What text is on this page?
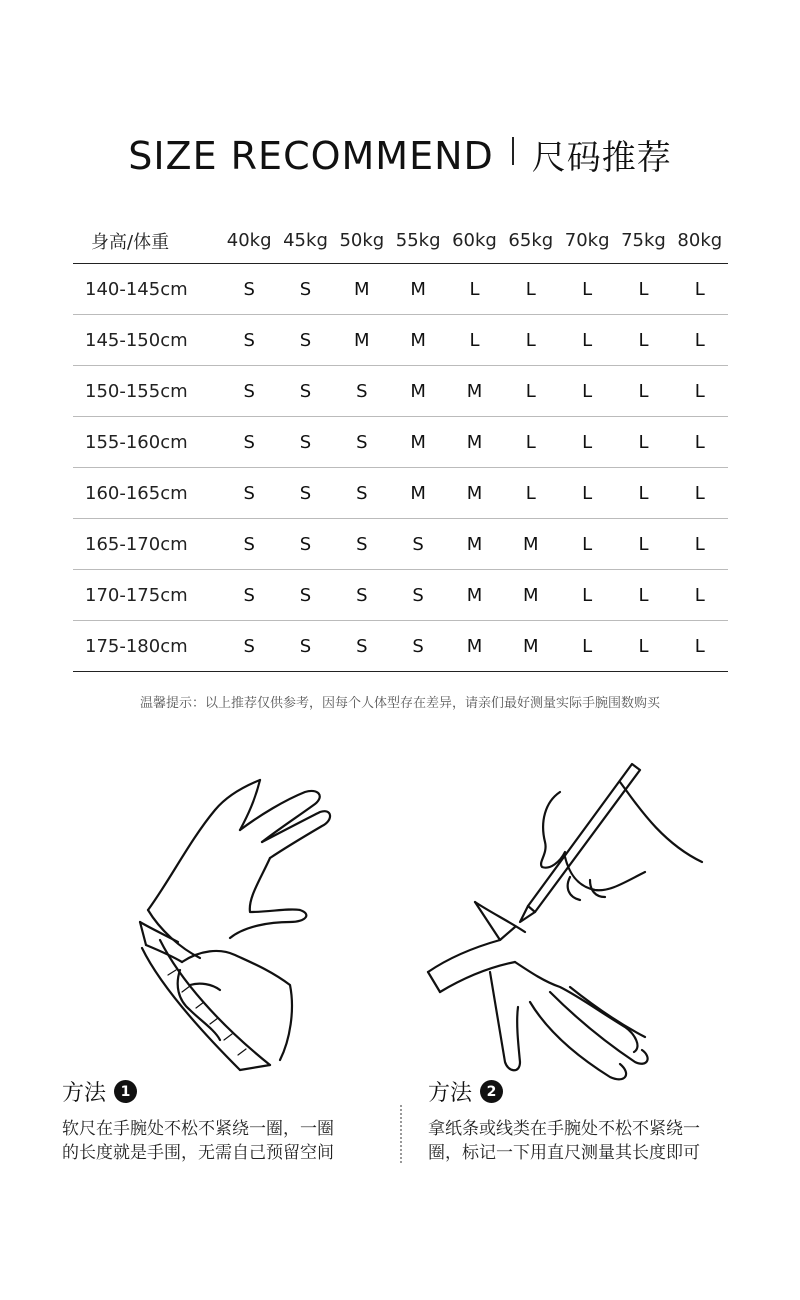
SIZE RECOMMEND 尺码推荐
身高/体重	40kg	45kg	50kg	55kg	60kg	65kg	70kg	75kg	80kg
140-145cm	S	S	M	M	L	L	L	L	L
145-150cm	S	S	M	M	L	L	L	L	L
150-155cm	S	S	S	M	M	L	L	L	L
155-160cm	S	S	S	M	M	L	L	L	L
160-165cm	S	S	S	M	M	L	L	L	L
165-170cm	S	S	S	S	M	M	L	L	L
170-175cm	S	S	S	S	M	M	L	L	L
175-180cm	S	S	S	S	M	M	L	L	L
温馨提示：以上推荐仅供参考，因每个人体型存在差异，请亲们最好测量实际手腕围数购买
方法	1
软尺在手腕处不松不紧绕一圈，一圈
的长度就是手围，无需自己预留空间
方法	2
拿纸条或线类在手腕处不松不紧绕一
圈，标记一下用直尺测量其长度即可
